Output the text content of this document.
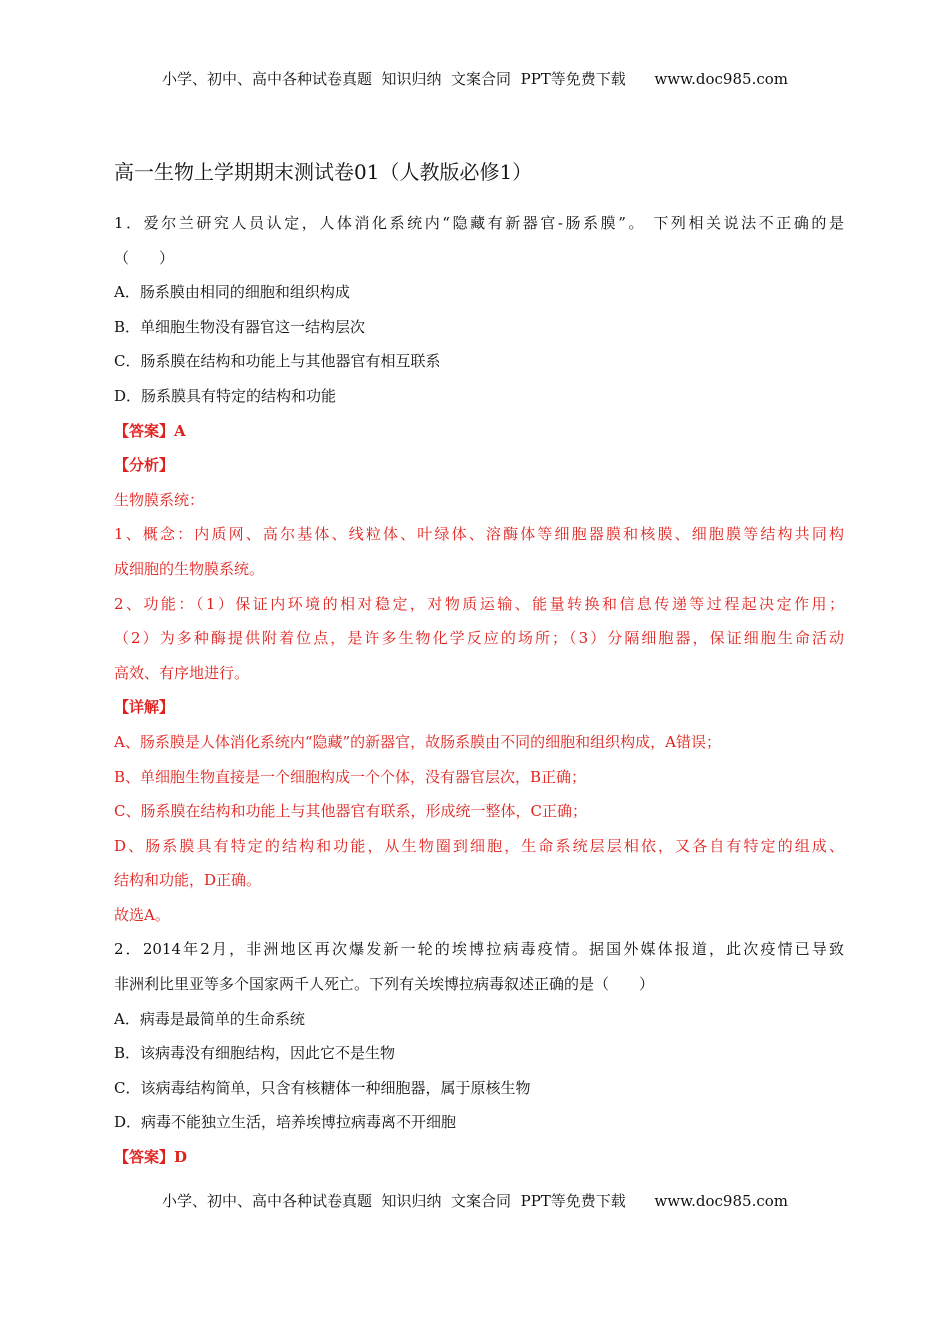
小学、初中、高中各种试卷真题  知识归纳  文案合同  PPT等免费下载      www.doc985.com
高一生物上学期期末测试卷01（人教版必修1）
1．爱尔兰研究人员认定，人体消化系统内“隐藏有新器官-肠系膜”。 下列相关说法不正确的是
（　　）
A．肠系膜由相同的细胞和组织构成
B．单细胞生物没有器官这一结构层次
C．肠系膜在结构和功能上与其他器官有相互联系
D．肠系膜具有特定的结构和功能
【答案】A
【分析】
生物膜系统：
1、概念：内质网、高尔基体、线粒体、叶绿体、溶酶体等细胞器膜和核膜、细胞膜等结构共同构
成细胞的生物膜系统。
2、功能：（1）保证内环境的相对稳定，对物质运输、能量转换和信息传递等过程起决定作用；
（2）为多种酶提供附着位点，是许多生物化学反应的场所；（3）分隔细胞器，保证细胞生命活动
高效、有序地进行。
【详解】
A、肠系膜是人体消化系统内“隐藏”的新器官，故肠系膜由不同的细胞和组织构成，A错误；
B、单细胞生物直接是一个细胞构成一个个体，没有器官层次，B正确；
C、肠系膜在结构和功能上与其他器官有联系，形成统一整体，C正确；
D、肠系膜具有特定的结构和功能，从生物圈到细胞，生命系统层层相依，又各自有特定的组成、
结构和功能，D正确。
故选A。
2．2014年2月，非洲地区再次爆发新一轮的埃博拉病毒疫情。据国外媒体报道，此次疫情已导致
非洲利比里亚等多个国家两千人死亡。下列有关埃博拉病毒叙述正确的是（　　）
A．病毒是最简单的生命系统
B．该病毒没有细胞结构，因此它不是生物
C．该病毒结构简单，只含有核糖体一种细胞器，属于原核生物
D．病毒不能独立生活，培养埃博拉病毒离不开细胞
【答案】D
小学、初中、高中各种试卷真题  知识归纳  文案合同  PPT等免费下载      www.doc985.com
